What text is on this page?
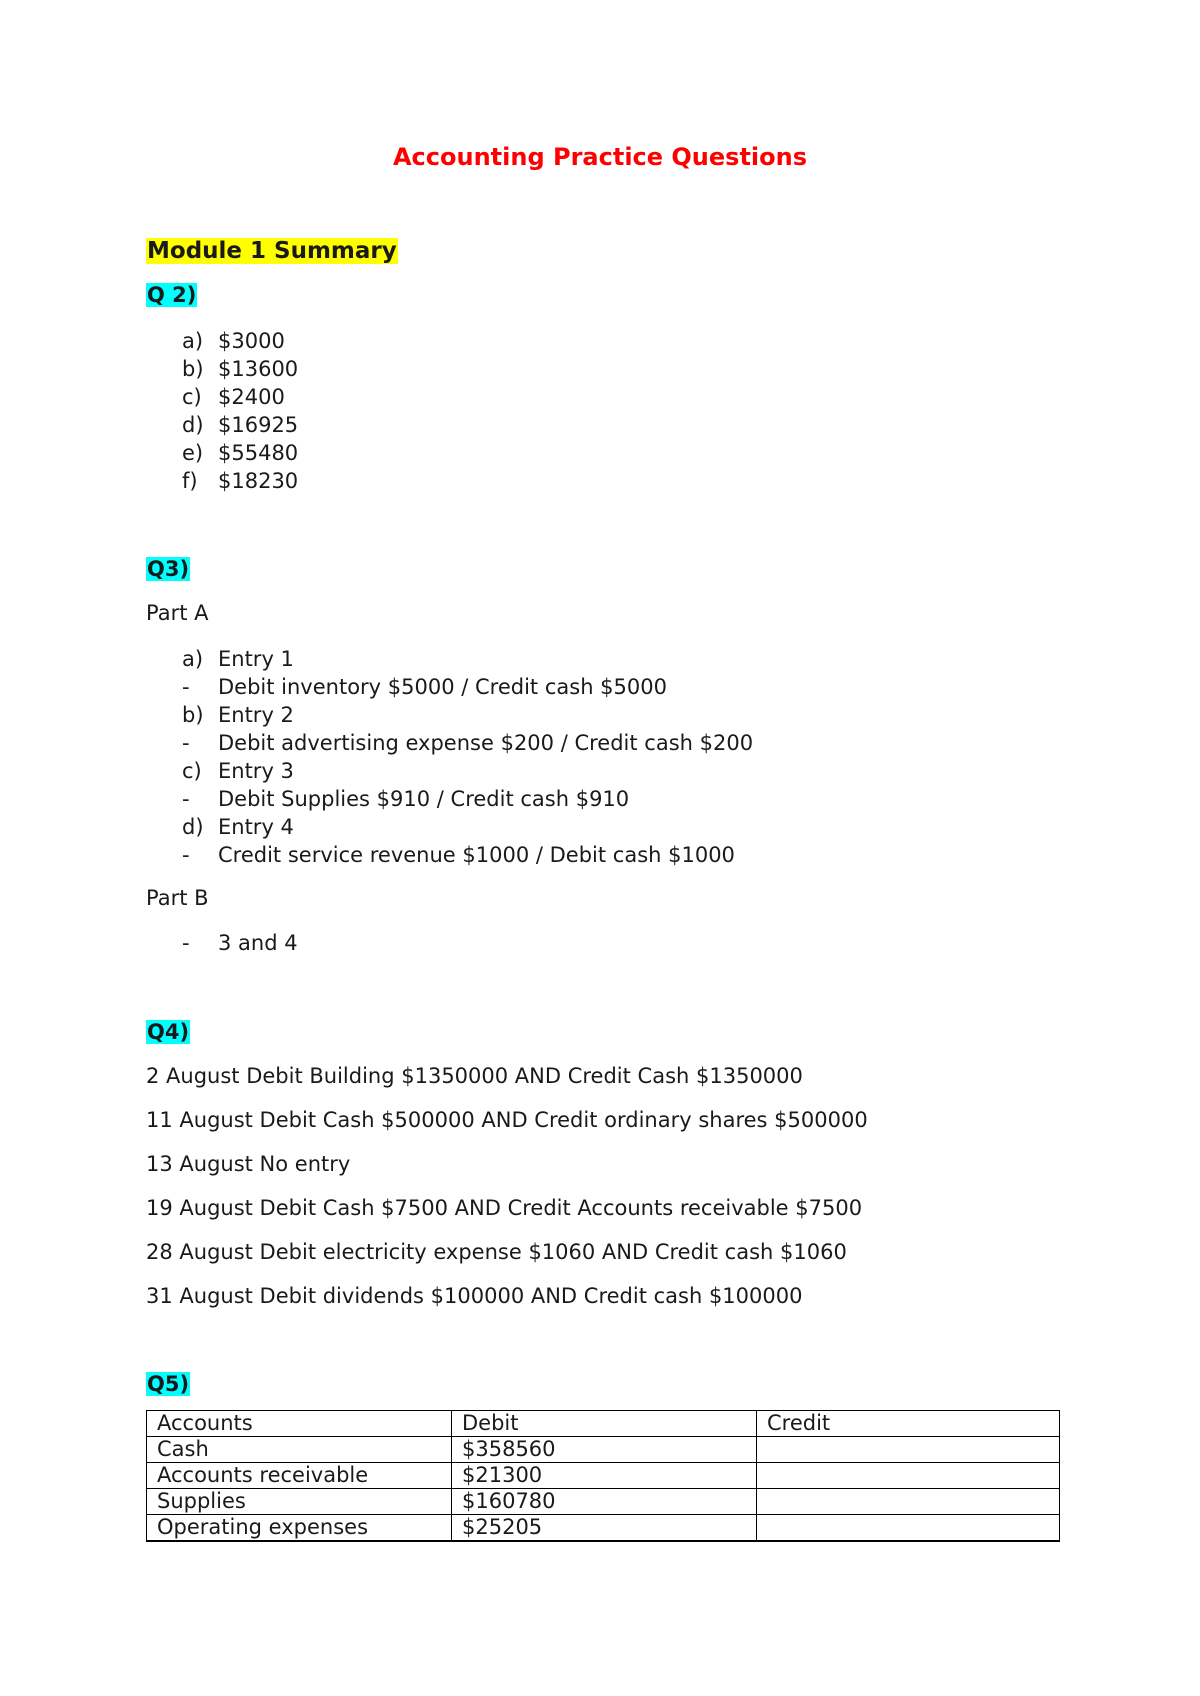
Accounting Practice Questions
Module 1 Summary
Q 2)
a) $3000
b) $13600
c) $2400
d) $16925
e) $55480
f) $18230
Q3)
Part A
a) Entry 1
- Debit inventory $5000 / Credit cash $5000
b) Entry 2
- Debit advertising expense $200 / Credit cash $200
c) Entry 3
- Debit Supplies $910 / Credit cash $910
d) Entry 4
- Credit service revenue $1000 / Debit cash $1000
Part B
- 3 and 4
Q4)
2 August Debit Building $1350000 AND Credit Cash $1350000
11 August Debit Cash $500000 AND Credit ordinary shares $500000
13 August No entry
19 August Debit Cash $7500 AND Credit Accounts receivable $7500
28 August Debit electricity expense $1060 AND Credit cash $1060
31 August Debit dividends $100000 AND Credit cash $100000
Q5)
Accounts	Debit	Credit
Cash	$358560	
Accounts receivable	$21300	
Supplies	$160780	
Operating expenses	$25205	
